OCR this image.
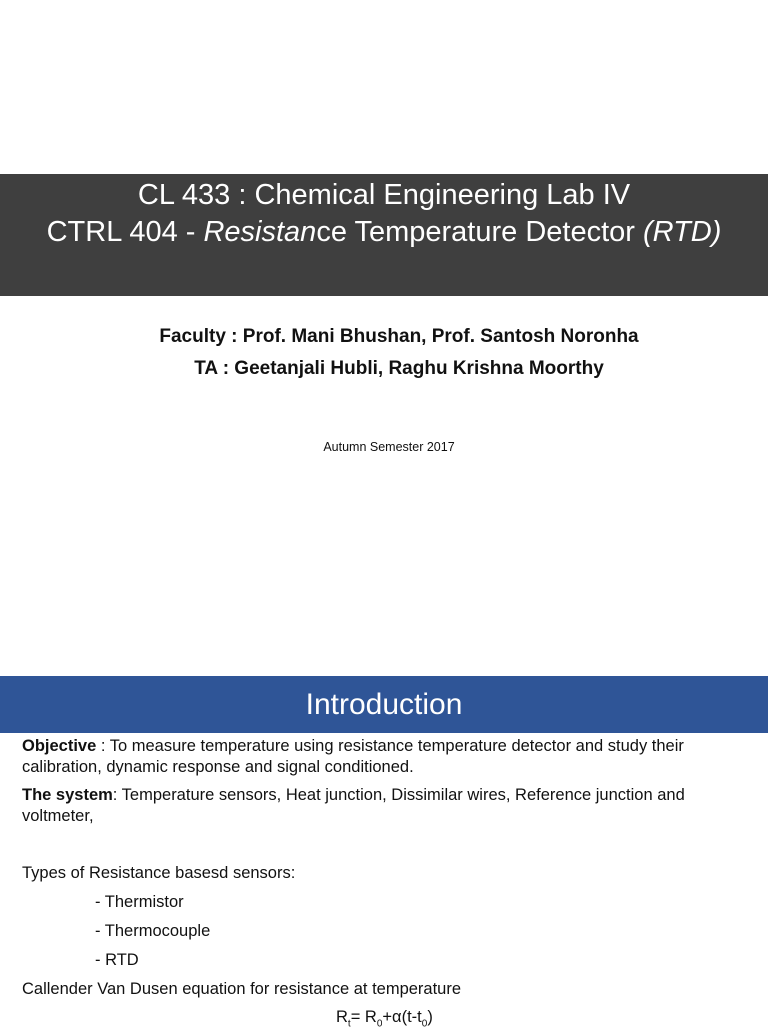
CL 433 : Chemical Engineering Lab IV
CTRL 404 - Resistance Temperature Detector (RTD)
Faculty : Prof. Mani Bhushan, Prof. Santosh Noronha
TA : Geetanjali Hubli, Raghu Krishna Moorthy
Autumn Semester 2017
Introduction
Objective : To measure temperature using resistance temperature detector and study their calibration, dynamic response and signal conditioned.
The system: Temperature sensors, Heat junction, Dissimilar wires, Reference junction and voltmeter,
Types of Resistance basesd sensors:
- Thermistor
- Thermocouple
- RTD
Callender Van Dusen equation for resistance at temperature
$R_t= R_0+\alpha(t-t_0)$
